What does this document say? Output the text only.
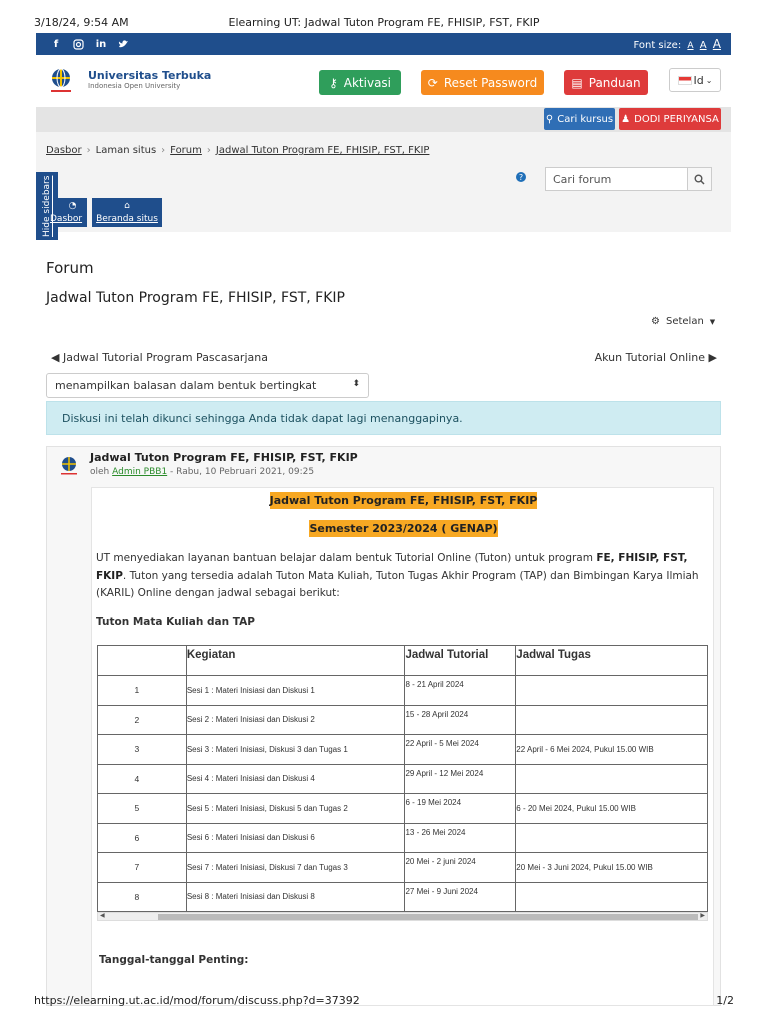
3/18/24, 9:54 AM	Elearning UT: Jadwal Tuton Program FE, FHISIP, FST, FKIP
f	in	Font size: A A A
Universitas Terbuka
Indonesia Open University	⚷ Aktivasi	⟳ Reset Password	▤ Panduan	Id ⌄
⚲ Cari kursus ♟ DODI PERIYANSA
Dasbor › Laman situs › Forum › Jadwal Tuton Program FE, FHISIP, FST, FKIP
?	Cari forum
Hide sidebars	◔
Dasbor
⌂
Beranda situs
Forum
Jadwal Tuton Program FE, FHISIP, FST, FKIP
⚙ Setelan ▼
◀ Jadwal Tutorial Program Pascasarjana	Akun Tutorial Online ▶
menampilkan balasan dalam bentuk bertingkat	⬍
Diskusi ini telah dikunci sehingga Anda tidak dapat lagi menanggapinya.
Jadwal Tuton Program FE, FHISIP, FST, FKIP
oleh Admin PBB1 - Rabu, 10 Pebruari 2021, 09:25
Jadwal Tuton Program FE, FHISIP, FST, FKIP
Semester 2023/2024 ( GENAP)
UT menyediakan layanan bantuan belajar dalam bentuk Tutorial Online (Tuton) untuk program FE, FHISIP, FST, FKIP. Tuton yang tersedia adalah Tuton Mata Kuliah, Tuton Tugas Akhir Program (TAP) dan Bimbingan Karya Ilmiah (KARIL) Online dengan jadwal sebagai berikut:
Tuton Mata Kuliah dan TAP
	Kegiatan	Jadwal Tutorial	Jadwal Tugas
1	Sesi 1 : Materi Inisiasi dan Diskusi 1	8 - 21 April 2024	
2	Sesi 2 : Materi Inisiasi dan Diskusi 2	15 - 28 April 2024	
3	Sesi 3 : Materi Inisiasi, Diskusi 3 dan Tugas 1	22 April - 5 Mei 2024	22 April - 6 Mei 2024, Pukul 15.00 WIB
4	Sesi 4 : Materi Inisiasi dan Diskusi 4	29 April - 12 Mei 2024	
5	Sesi 5 : Materi Inisiasi, Diskusi 5 dan Tugas 2	6 - 19 Mei 2024	6 - 20 Mei 2024, Pukul 15.00 WIB
6	Sesi 6 : Materi Inisiasi dan Diskusi 6	13 - 26 Mei 2024	
7	Sesi 7 : Materi Inisiasi, Diskusi 7 dan Tugas 3	20 Mei - 2 juni 2024	20 Mei - 3 Juni 2024, Pukul 15.00 WIB
8	Sesi 8 : Materi Inisiasi dan Diskusi 8	27 Mei - 9 Juni 2024	
◀	▶
Tanggal-tanggal Penting:
https://elearning.ut.ac.id/mod/forum/discuss.php?d=37392	1/2
